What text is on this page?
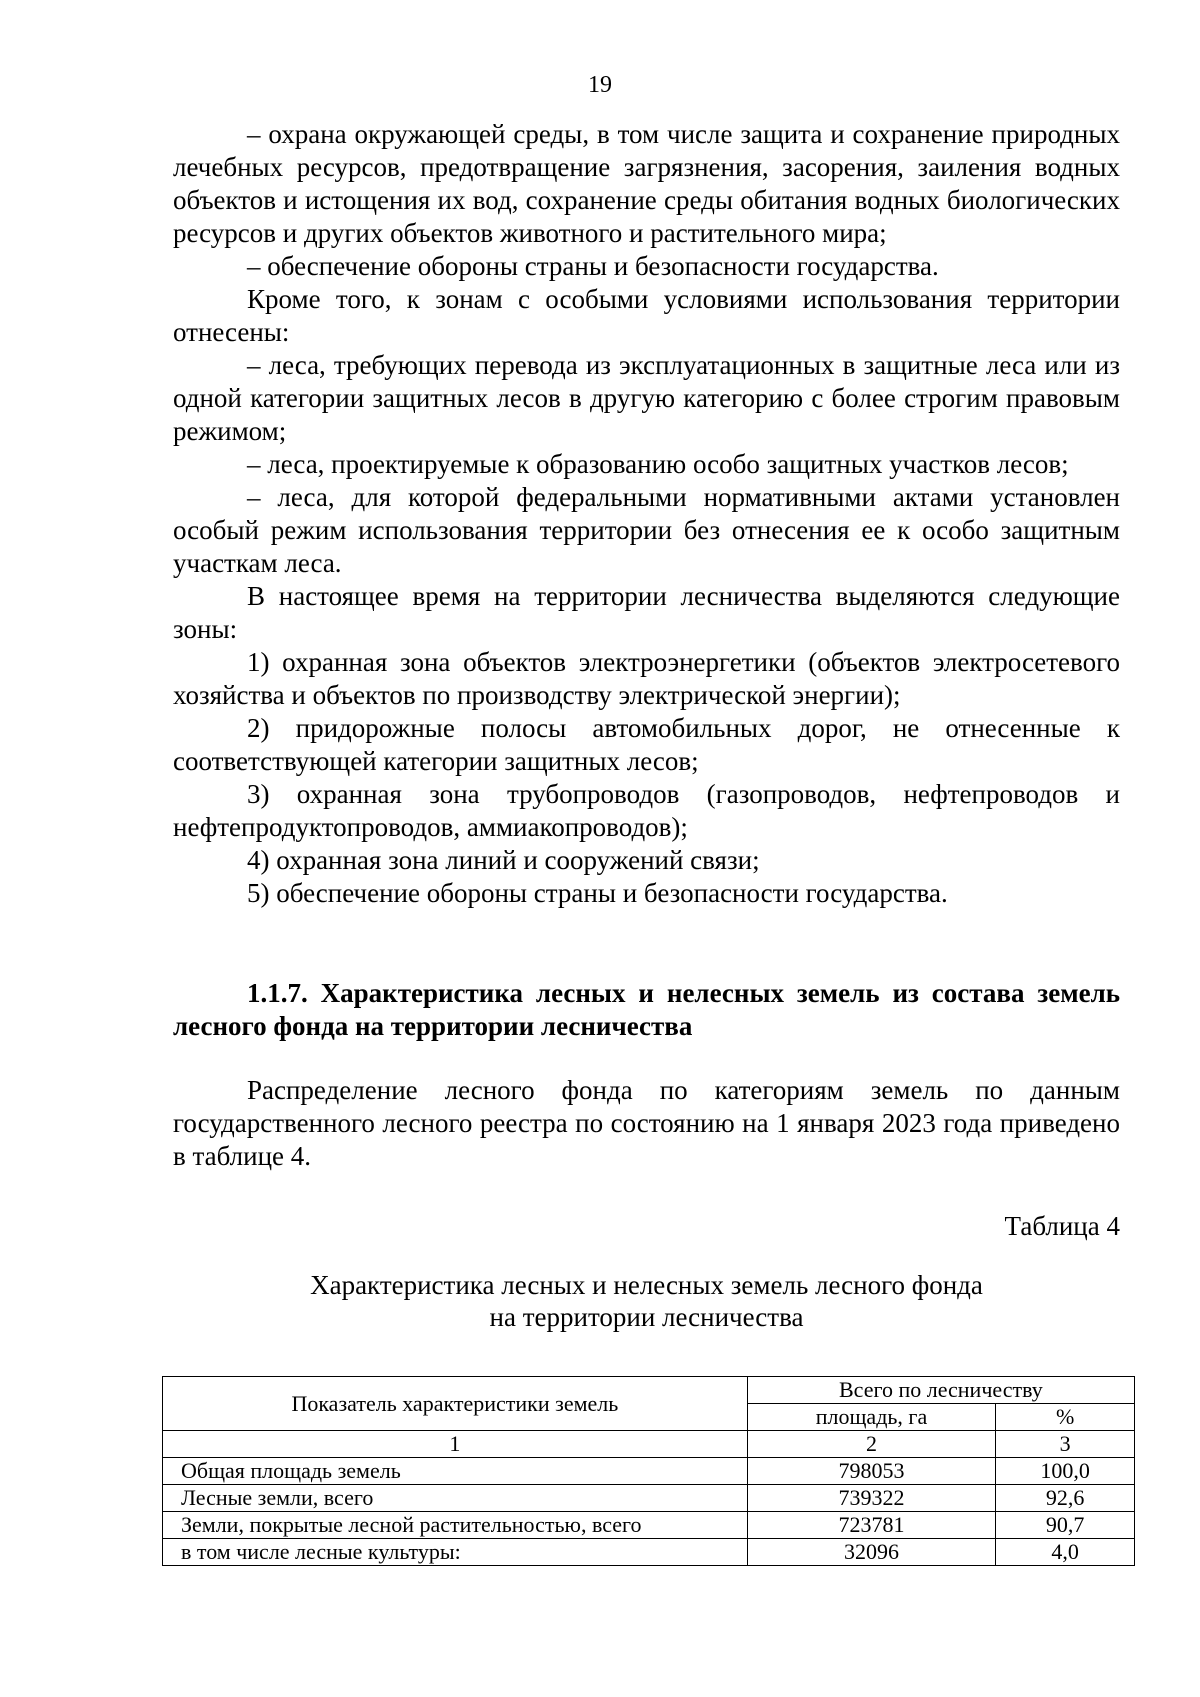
19

– охрана окружающей среды, в том числе защита и сохранение природных лечебных ресурсов, предотвращение загрязнения, засорения, заиления водных объектов и истощения их вод, сохранение среды обитания водных биологических ресурсов и других объектов животного и растительного мира;

– обеспечение обороны страны и безопасности государства.

Кроме того, к зонам с особыми условиями использования территории отнесены:

– леса, требующих перевода из эксплуатационных в защитные леса или из одной категории защитных лесов в другую категорию с более строгим правовым режимом;

– леса, проектируемые к образованию особо защитных участков лесов;

– леса, для которой федеральными нормативными актами установлен особый режим использования территории без отнесения ее к особо защитным участкам леса.

В настоящее время на территории лесничества выделяются следующие зоны:

1) охранная зона объектов электроэнергетики (объектов электросетевого хозяйства и объектов по производству электрической энергии);

2) придорожные полосы автомобильных дорог, не отнесенные к соответствующей категории защитных лесов;

3) охранная зона трубопроводов (газопроводов, нефтепроводов и нефтепродуктопроводов, аммиакопроводов);

4) охранная зона линий и сооружений связи;

5) обеспечение обороны страны и безопасности государства.

1.1.7. Характеристика лесных и нелесных земель из состава земель лесного фонда на территории лесничества

Распределение лесного фонда по категориям земель по данным государственного лесного реестра по состоянию на 1 января 2023 года приведено в таблице 4.

Таблица 4
Характеристика лесных и нелесных земель лесного фонда
на территории лесничества
Показатель характеристики земель	Всего по лесничеству	
	площадь, га	%
1	2	3
Общая площадь земель	798053	100,0
Лесные земли, всего	739322	92,6
Земли, покрытые лесной растительностью, всего	723781	90,7
в том числе лесные культуры:	32096	4,0
